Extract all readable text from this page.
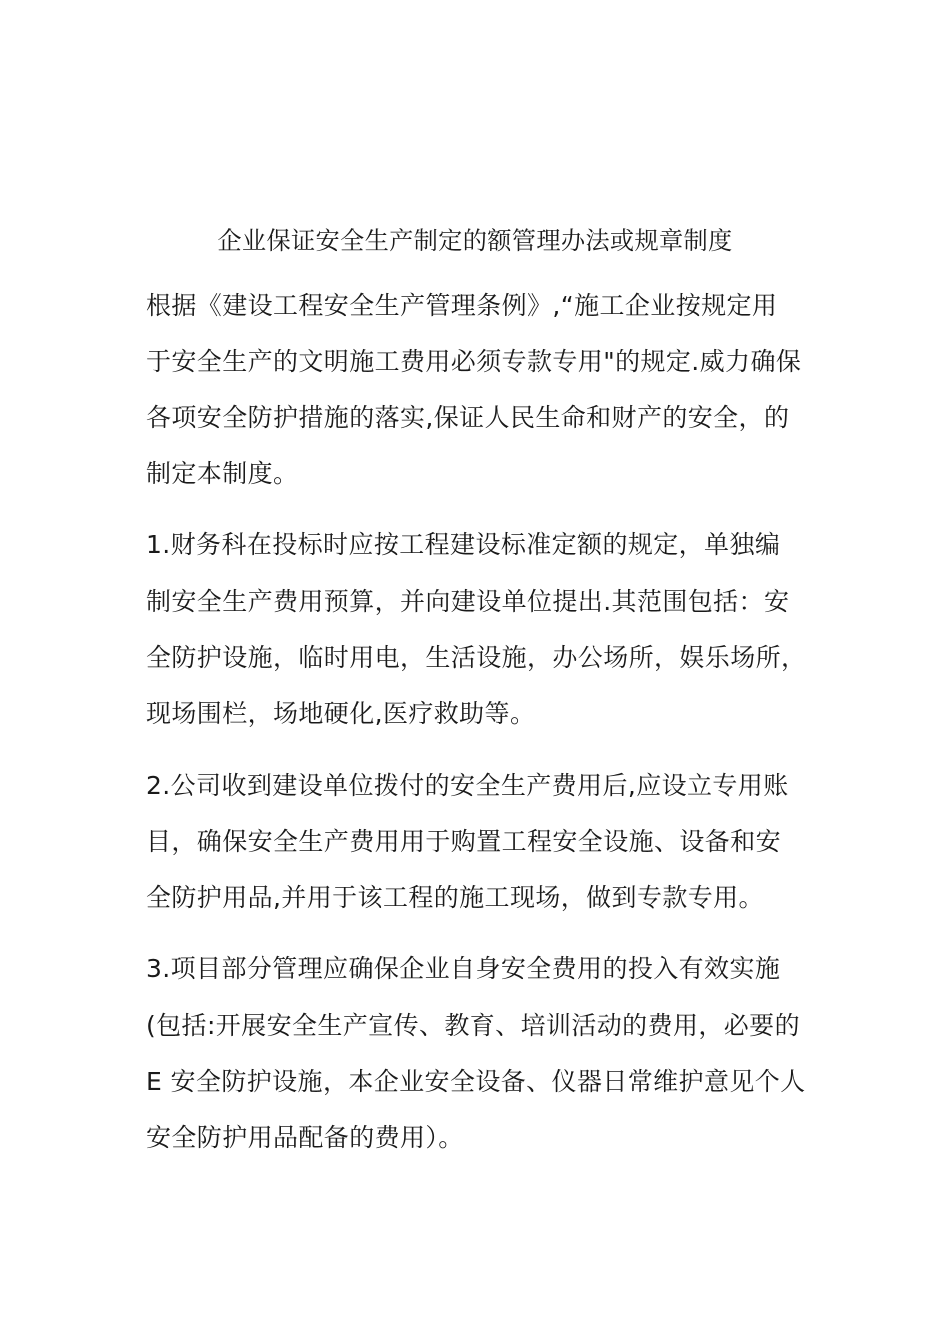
企业保证安全生产制定的额管理办法或规章制度
根据《建设工程安全生产管理条例》,“施工企业按规定用
于安全生产的文明施工费用必须专款专用"的规定.威力确保
各项安全防护措施的落实,保证人民生命和财产的安全，的
制定本制度。
1.财务科在投标时应按工程建设标准定额的规定，单独编
制安全生产费用预算，并向建设单位提出.其范围包括：安
全防护设施，临时用电，生活设施，办公场所，娱乐场所，
现场围栏，场地硬化,医疗救助等。
2.公司收到建设单位拨付的安全生产费用后,应设立专用账
目，确保安全生产费用用于购置工程安全设施、设备和安
全防护用品,并用于该工程的施工现场，做到专款专用。
3.项目部分管理应确保企业自身安全费用的投入有效实施
(包括:开展安全生产宣传、教育、培训活动的费用，必要的
E 安全防护设施，本企业安全设备、仪器日常维护意见个人
安全防护用品配备的费用）。
